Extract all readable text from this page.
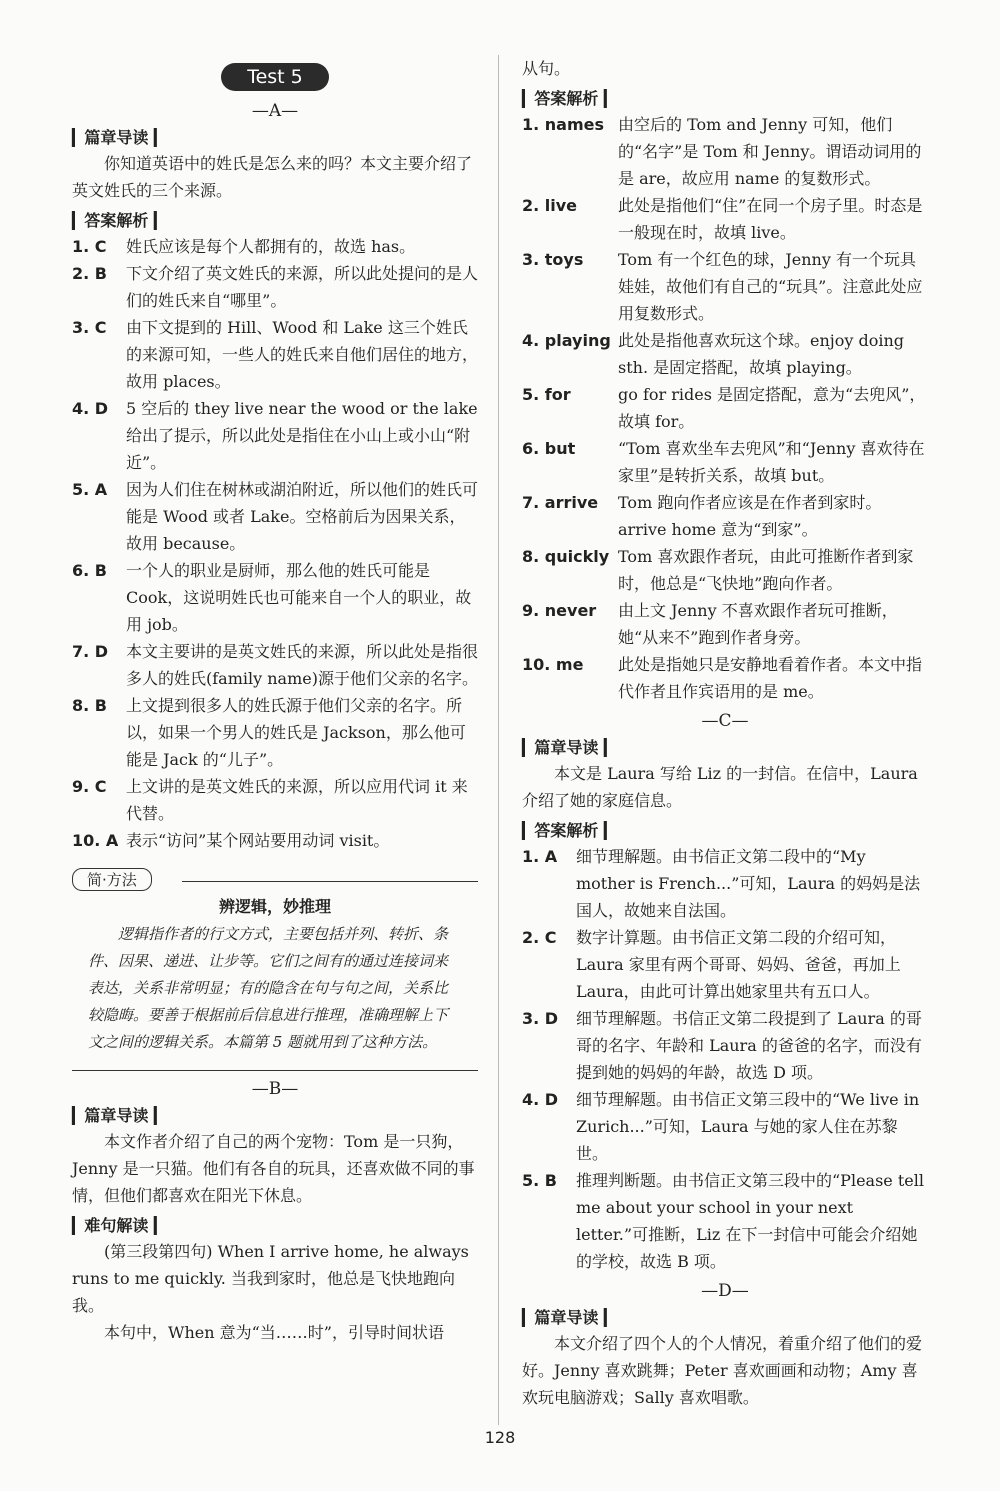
Test 5
—A—
▎ 篇章导读 ▎

你知道英语中的姓氏是怎么来的吗？本文主要介绍了英文姓氏的三个来源。

▎ 答案解析 ▎
1. C	姓氏应该是每个人都拥有的，故选 has。
2. B	下文介绍了英文姓氏的来源，所以此处提问的是人们的姓氏来自“哪里”。
3. C	由下文提到的 Hill、Wood 和 Lake 这三个姓氏的来源可知，一些人的姓氏来自他们居住的地方，故用 places。
4. D	5 空后的 they live near the wood or the lake 给出了提示，所以此处是指住在小山上或小山“附近”。
5. A	因为人们住在树林或湖泊附近，所以他们的姓氏可能是 Wood 或者 Lake。空格前后为因果关系，故用 because。
6. B	一个人的职业是厨师，那么他的姓氏可能是 Cook，这说明姓氏也可能来自一个人的职业，故用 job。
7. D	本文主要讲的是英文姓氏的来源，所以此处是指很多人的姓氏(family name)源于他们父亲的名字。
8. B	上文提到很多人的姓氏源于他们父亲的名字。所以，如果一个男人的姓氏是 Jackson，那么他可能是 Jack 的“儿子”。
9. C	上文讲的是英文姓氏的来源，所以应用代词 it 来代替。
10. A 表示“访问”某个网站要用动词 visit。
简·方法
辨逻辑，妙推理

逻辑指作者的行文方式，主要包括并列、转折、条件、因果、递进、让步等。它们之间有的通过连接词来表达，关系非常明显；有的隐含在句与句之间，关系比较隐晦。要善于根据前后信息进行推理，准确理解上下文之间的逻辑关系。本篇第 5 题就用到了这种方法。

—B—
▎ 篇章导读 ▎

本文作者介绍了自己的两个宠物：Tom 是一只狗，Jenny 是一只猫。他们有各自的玩具，还喜欢做不同的事情，但他们都喜欢在阳光下休息。

▎ 难句解读 ▎

(第三段第四句) When I arrive home, he always runs to me quickly. 当我到家时，他总是飞快地跑向我。

本句中，When 意为“当……时”，引导时间状语

从句。

▎ 答案解析 ▎
1. names 由空后的 Tom and Jenny 可知，他们的“名字”是 Tom 和 Jenny。谓语动词用的是 are，故应用 name 的复数形式。
2. live	此处是指他们“住”在同一个房子里。时态是一般现在时，故填 live。
3. toys	Tom 有一个红色的球，Jenny 有一个玩具娃娃，故他们有自己的“玩具”。注意此处应用复数形式。
4. playing 此处是指他喜欢玩这个球。enjoy doing sth. 是固定搭配，故填 playing。
5. for	go for rides 是固定搭配，意为“去兜风”，故填 for。
6. but	“Tom 喜欢坐车去兜风”和“Jenny 喜欢待在家里”是转折关系，故填 but。
7. arrive	Tom 跑向作者应该是在作者到家时。arrive home 意为“到家”。
8. quickly Tom 喜欢跟作者玩，由此可推断作者到家时，他总是“飞快地”跑向作者。
9. never	由上文 Jenny 不喜欢跟作者玩可推断，她“从来不”跑到作者身旁。
10. me	此处是指她只是安静地看着作者。本文中指代作者且作宾语用的是 me。
—C—
▎ 篇章导读 ▎

本文是 Laura 写给 Liz 的一封信。在信中，Laura 介绍了她的家庭信息。

▎ 答案解析 ▎
1. A	细节理解题。由书信正文第二段中的“My mother is French...”可知，Laura 的妈妈是法国人，故她来自法国。
2. C	数字计算题。由书信正文第二段的介绍可知，Laura 家里有两个哥哥、妈妈、爸爸，再加上 Laura，由此可计算出她家里共有五口人。
3. D	细节理解题。书信正文第二段提到了 Laura 的哥哥的名字、年龄和 Laura 的爸爸的名字，而没有提到她的妈妈的年龄，故选 D 项。
4. D	细节理解题。由书信正文第三段中的“We live in Zurich...”可知，Laura 与她的家人住在苏黎世。
5. B	推理判断题。由书信正文第三段中的“Please tell me about your school in your next letter.”可推断，Liz 在下一封信中可能会介绍她的学校，故选 B 项。
—D—
▎ 篇章导读 ▎

本文介绍了四个人的个人情况，着重介绍了他们的爱好。Jenny 喜欢跳舞；Peter 喜欢画画和动物；Amy 喜欢玩电脑游戏；Sally 喜欢唱歌。

128
